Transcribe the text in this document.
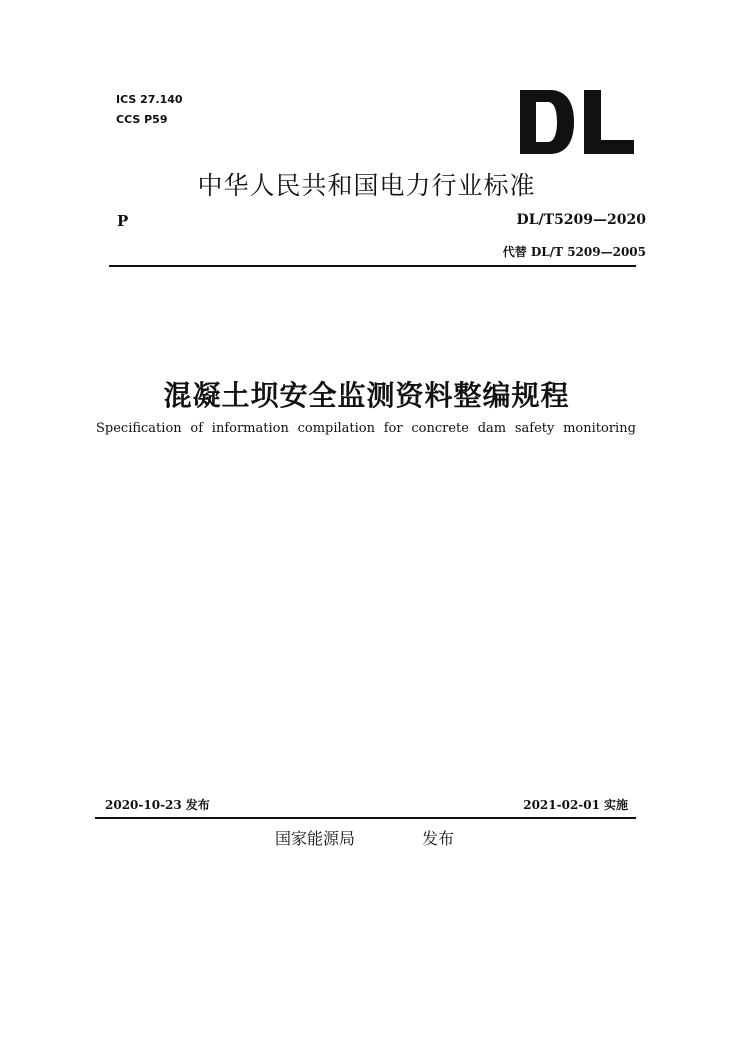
ICS 27.140
CCS P59
中华人民共和国电力行业标准
P	DL/T5209—2020
代替 DL/T 5209—2005
混凝土坝安全监测资料整编规程
Specification of information compilation for concrete dam safety monitoring
2020-10-23 发布	2021-02-01 实施
国家能源局	发布
